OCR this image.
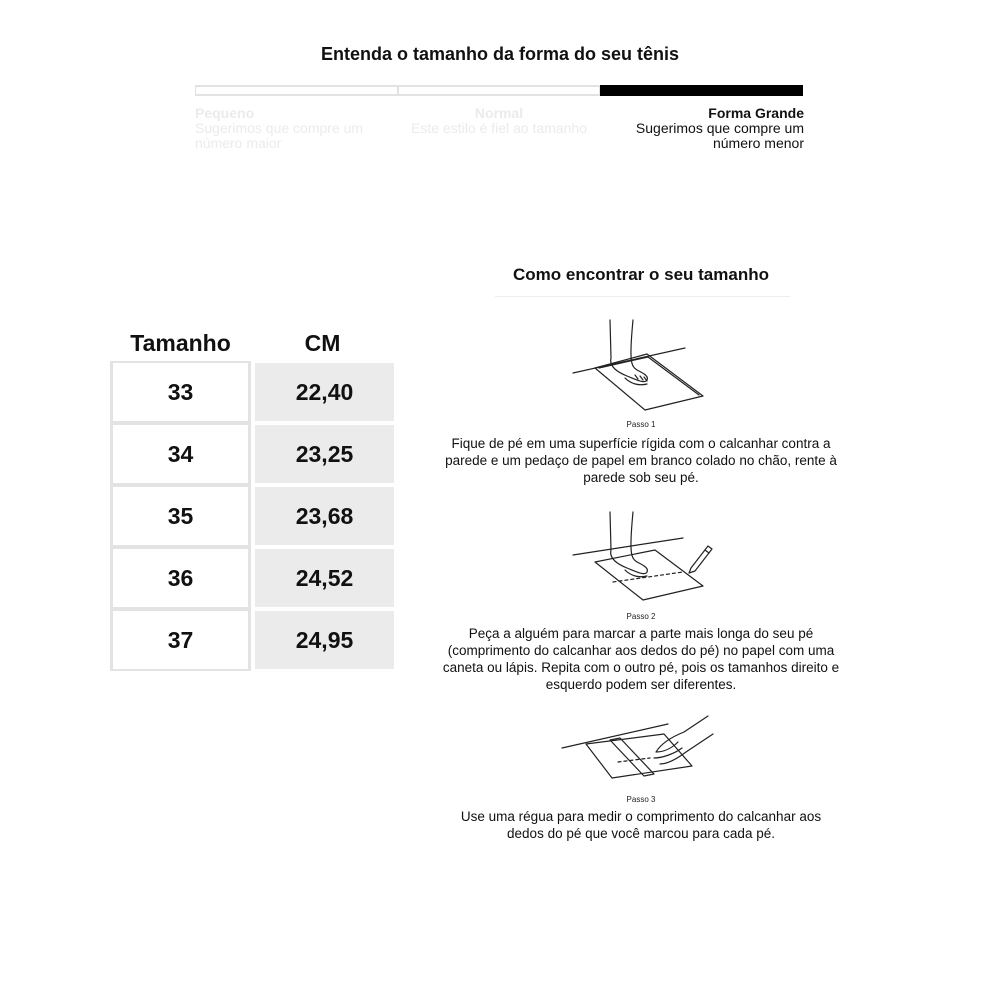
Entenda o tamanho da forma do seu tênis
Pequeno
Sugerimos que compre um número maior
Normal
Este estilo é fiel ao tamanho
Forma Grande
Sugerimos que compre um número menor
Tamanho	CM
33	22,40
34	23,25
35	23,68
36	24,52
37	24,95
Como encontrar o seu tamanho
Passo 1
Fique de pé em uma superfície rígida com o calcanhar contra a parede e um pedaço de papel em branco colado no chão, rente à parede sob seu pé.
Passo 2
Peça a alguém para marcar a parte mais longa do seu pé (comprimento do calcanhar aos dedos do pé) no papel com uma caneta ou lápis. Repita com o outro pé, pois os tamanhos direito e esquerdo podem ser diferentes.
Passo 3
Use uma régua para medir o comprimento do calcanhar aos dedos do pé que você marcou para cada pé.
